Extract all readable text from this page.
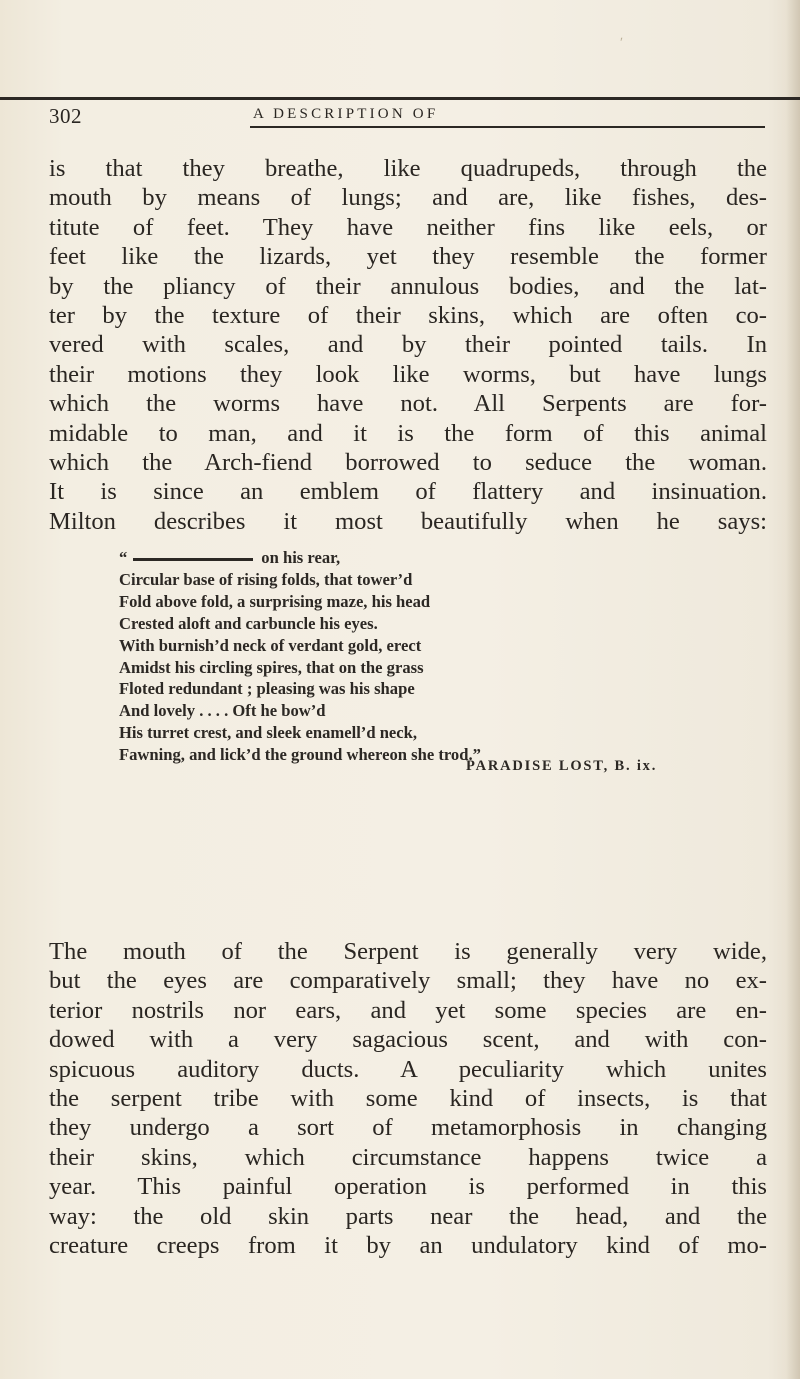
ʹ
302	A DESCRIPTION OF
is that they breathe, like quadrupeds, through the
mouth by means of lungs; and are, like fishes, des-
titute of feet. They have neither fins like eels, or
feet like the lizards, yet they resemble the former
by the pliancy of their annulous bodies, and the lat-
ter by the texture of their skins, which are often co-
vered with scales, and by their pointed tails. In
their motions they look like worms, but have lungs
which the worms have not. All Serpents are for-
midable to man, and it is the form of this animal
which the Arch-fiend borrowed to seduce the woman.
It is since an emblem of flattery and insinuation.
Milton describes it most beautifully when he says:
“	on his rear,
Circular base of rising folds, that tower’d
Fold above fold, a surprising maze, his head
Crested aloft and carbuncle his eyes.
With burnish’d neck of verdant gold, erect
Amidst his circling spires, that on the grass
Floted redundant ; pleasing was his shape
And lovely . . . . Oft he bow’d
His turret crest, and sleek enamell’d neck,
Fawning, and lick’d the ground whereon she trod.”
PARADISE LOST, B. ix.
The mouth of the Serpent is generally very wide,
but the eyes are comparatively small; they have no ex-
terior nostrils nor ears, and yet some species are en-
dowed with a very sagacious scent, and with con-
spicuous auditory ducts. A peculiarity which unites
the serpent tribe with some kind of insects, is that
they undergo a sort of metamorphosis in changing
their skins, which circumstance happens twice a
year. This painful operation is performed in this
way: the old skin parts near the head, and the
creature creeps from it by an undulatory kind of mo-
